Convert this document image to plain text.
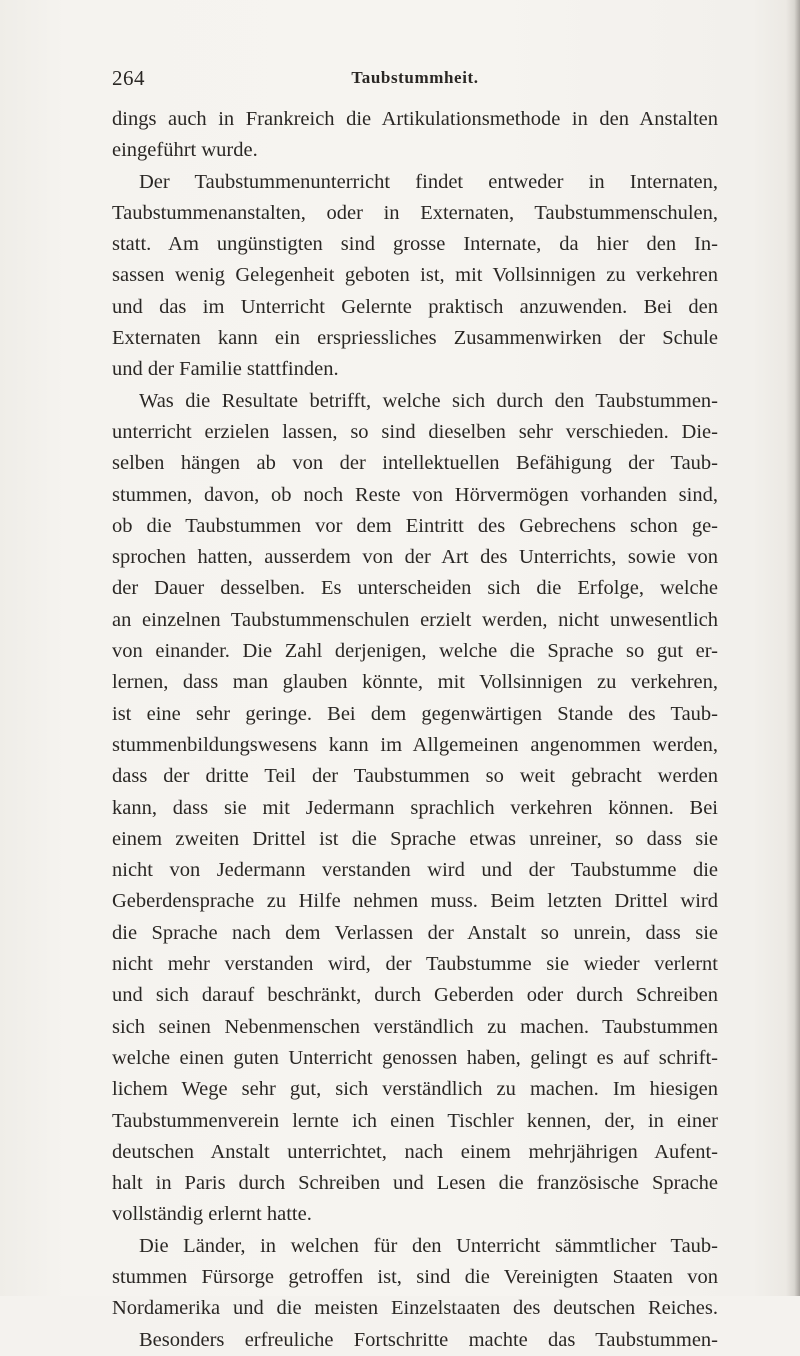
264	Taubstummheit.
dings auch in Frankreich die Artikulationsmethode in den Anstalten
eingeführt wurde.
Der Taubstummenunterricht findet entweder in Internaten,
Taubstummenanstalten, oder in Externaten, Taubstummenschulen,
statt. Am ungünstigten sind grosse Internate, da hier den In-
sassen wenig Gelegenheit geboten ist, mit Vollsinnigen zu verkehren
und das im Unterricht Gelernte praktisch anzuwenden. Bei den
Externaten kann ein erspriessliches Zusammenwirken der Schule
und der Familie stattfinden.
Was die Resultate betrifft, welche sich durch den Taubstummen-
unterricht erzielen lassen, so sind dieselben sehr verschieden. Die-
selben hängen ab von der intellektuellen Befähigung der Taub-
stummen, davon, ob noch Reste von Hörvermögen vorhanden sind,
ob die Taubstummen vor dem Eintritt des Gebrechens schon ge-
sprochen hatten, ausserdem von der Art des Unterrichts, sowie von
der Dauer desselben. Es unterscheiden sich die Erfolge, welche
an einzelnen Taubstummenschulen erzielt werden, nicht unwesentlich
von einander. Die Zahl derjenigen, welche die Sprache so gut er-
lernen, dass man glauben könnte, mit Vollsinnigen zu verkehren,
ist eine sehr geringe. Bei dem gegenwärtigen Stande des Taub-
stummenbildungswesens kann im Allgemeinen angenommen werden,
dass der dritte Teil der Taubstummen so weit gebracht werden
kann, dass sie mit Jedermann sprachlich verkehren können. Bei
einem zweiten Drittel ist die Sprache etwas unreiner, so dass sie
nicht von Jedermann verstanden wird und der Taubstumme die
Geberdensprache zu Hilfe nehmen muss. Beim letzten Drittel wird
die Sprache nach dem Verlassen der Anstalt so unrein, dass sie
nicht mehr verstanden wird, der Taubstumme sie wieder verlernt
und sich darauf beschränkt, durch Geberden oder durch Schreiben
sich seinen Nebenmenschen verständlich zu machen. Taubstummen
welche einen guten Unterricht genossen haben, gelingt es auf schrift-
lichem Wege sehr gut, sich verständlich zu machen. Im hiesigen
Taubstummenverein lernte ich einen Tischler kennen, der, in einer
deutschen Anstalt unterrichtet, nach einem mehrjährigen Aufent-
halt in Paris durch Schreiben und Lesen die französische Sprache
vollständig erlernt hatte.
Die Länder, in welchen für den Unterricht sämmtlicher Taub-
stummen Fürsorge getroffen ist, sind die Vereinigten Staaten von
Nordamerika und die meisten Einzelstaaten des deutschen Reiches.
Besonders erfreuliche Fortschritte machte das Taubstummen-
